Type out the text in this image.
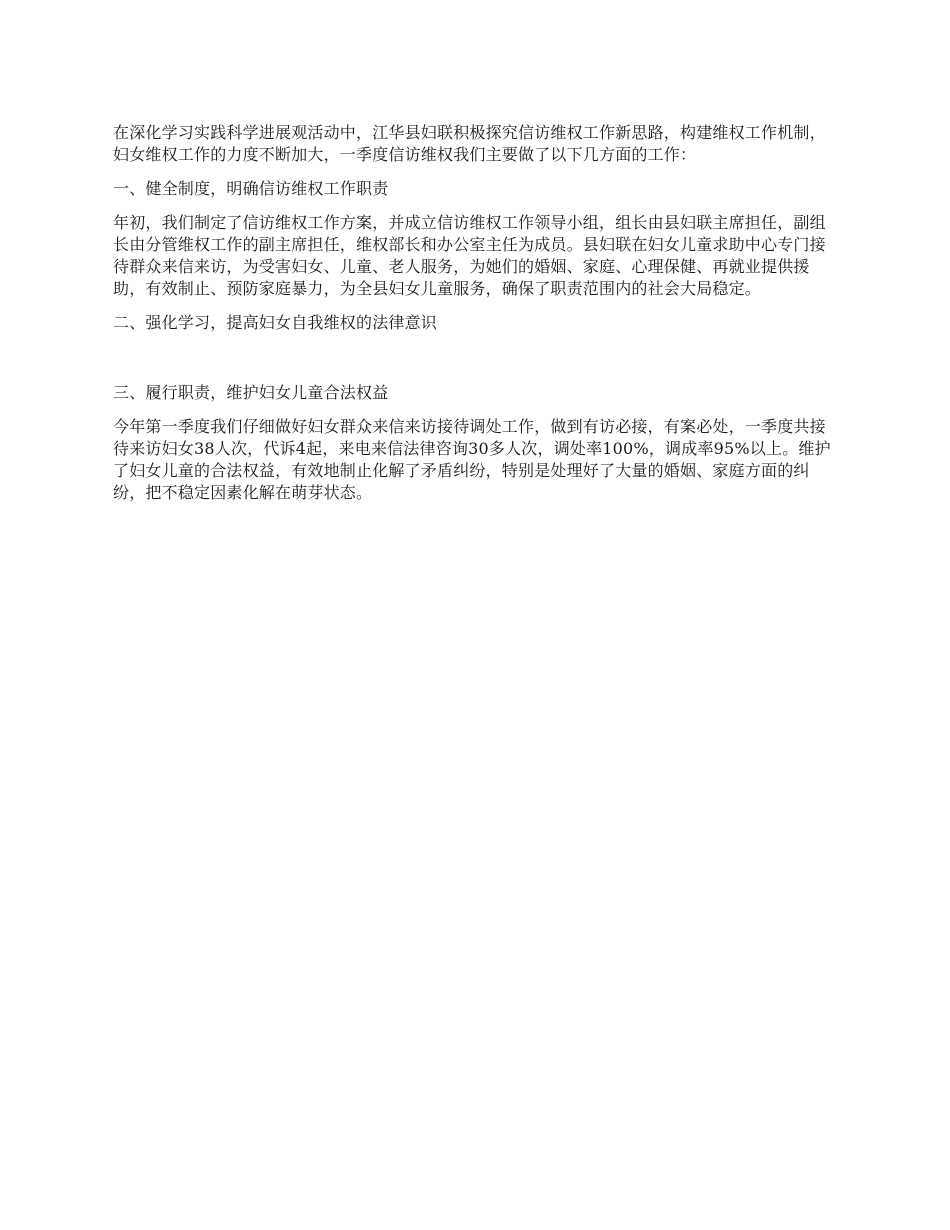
在深化学习实践科学进展观活动中，江华县妇联积极探究信访维权工作新思路，构建维权工作机制，妇女维权工作的力度不断加大，一季度信访维权我们主要做了以下几方面的工作：

一、健全制度，明确信访维权工作职责

年初，我们制定了信访维权工作方案，并成立信访维权工作领导小组，组长由县妇联主席担任，副组长由分管维权工作的副主席担任，维权部长和办公室主任为成员。县妇联在妇女儿童求助中心专门接待群众来信来访，为受害妇女、儿童、老人服务，为她们的婚姻、家庭、心理保健、再就业提供援助，有效制止、预防家庭暴力，为全县妇女儿童服务，确保了职责范围内的社会大局稳定。

二、强化学习，提高妇女自我维权的法律意识

三、履行职责，维护妇女儿童合法权益

今年第一季度我们仔细做好妇女群众来信来访接待调处工作，做到有访必接，有案必处，一季度共接待来访妇女38人次，代诉4起，来电来信法律咨询30多人次，调处率100%，调成率95%以上。维护了妇女儿童的合法权益，有效地制止化解了矛盾纠纷，特别是处理好了大量的婚姻、家庭方面的纠纷，把不稳定因素化解在萌芽状态。
